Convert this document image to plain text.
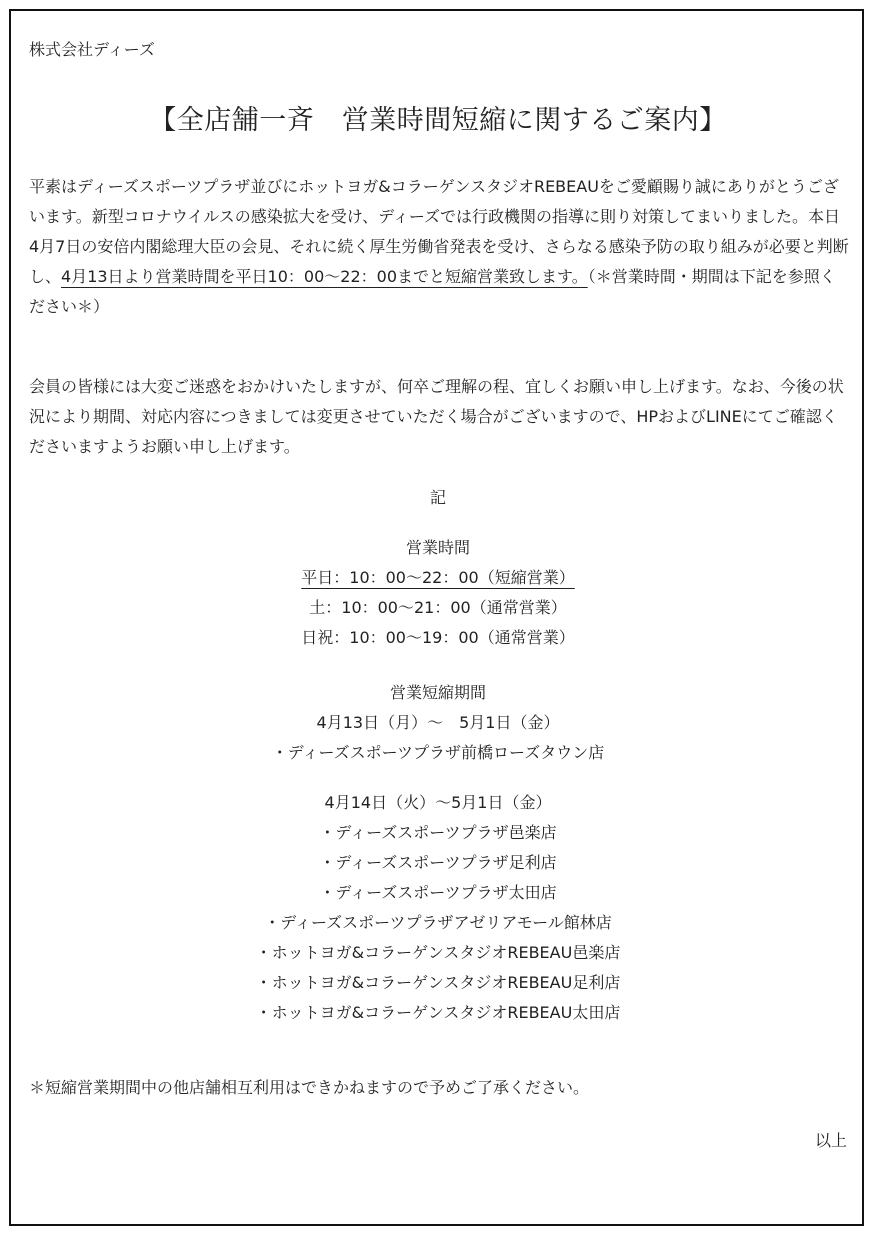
株式会社ディーズ
【全店舗一斉　営業時間短縮に関するご案内】

平素はディーズスポーツプラザ並びにホットヨガ&コラーゲンスタジオREBEAUをご愛顧賜り誠にありがとうございます。新型コロナウイルスの感染拡大を受け、ディーズでは行政機関の指導に則り対策してまいりました。本日4月7日の安倍内閣総理大臣の会見、それに続く厚生労働省発表を受け、さらなる感染予防の取り組みが必要と判断し、4月13日より営業時間を平日10：00〜22：00までと短縮営業致します。（＊営業時間・期間は下記を参照ください＊）

会員の皆様には大変ご迷惑をおかけいたしますが、何卒ご理解の程、宜しくお願い申し上げます。なお、今後の状況により期間、対応内容につきましては変更させていただく場合がございますので、HPおよびLINEにてご確認くださいますようお願い申し上げます。

記
営業時間
平日：10：00〜22：00（短縮営業）
土：10：00〜21：00（通常営業）
日祝：10：00〜19：00（通常営業）
営業短縮期間
4月13日（月）〜　5月1日（金）
・ディーズスポーツプラザ前橋ローズタウン店
4月14日（火）〜5月1日（金）
・ディーズスポーツプラザ邑楽店
・ディーズスポーツプラザ足利店
・ディーズスポーツプラザ太田店
・ディーズスポーツプラザアゼリアモール館林店
・ホットヨガ&コラーゲンスタジオREBEAU邑楽店
・ホットヨガ&コラーゲンスタジオREBEAU足利店
・ホットヨガ&コラーゲンスタジオREBEAU太田店
＊短縮営業期間中の他店舗相互利用はできかねますので予めご了承ください。
以上
